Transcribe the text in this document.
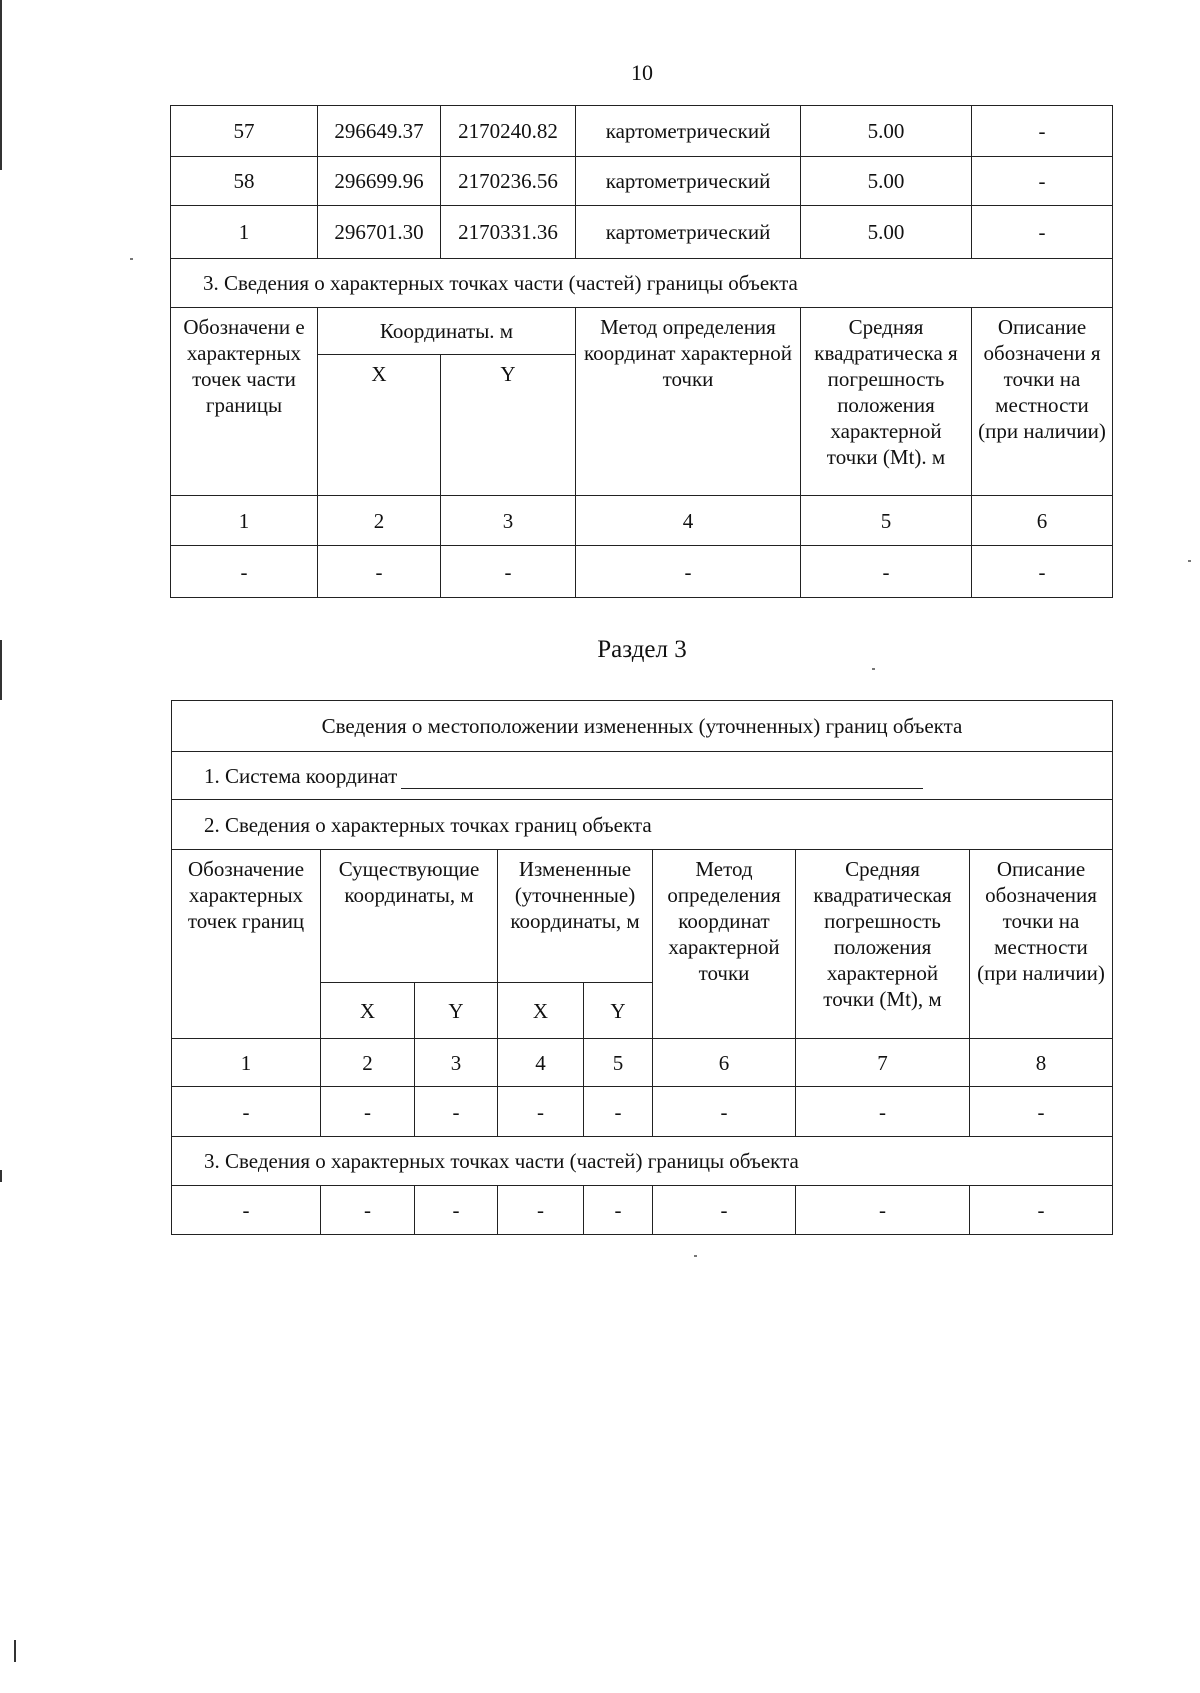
10
57	296649.37	2170240.82	картометрический	5.00	-
58	296699.96	2170236.56	картометрический	5.00	-
1	296701.30	2170331.36	картометрический	5.00	-
3. Сведения о характерных точках части (частей) границы объекта					
Обозначени е характерных точек части границы	Координаты. м		Метод определения координат характерной точки	Средняя квадратическа я погрешность положения характерной точки (Mt). м	Описание обозначени я точки на местности (при наличии)
	X	Y			
1	2	3	4	5	6
-	-	-	-	-	-
Раздел 3
Сведения о местоположении измененных (уточненных) границ объекта							
1. Система координат							
2. Сведения о характерных точках границ объекта							
Обозначение характерных точек границ	Существующие координаты, м		Измененные (уточненные) координаты, м		Метод определения координат характерной точки	Средняя квадратическая погрешность положения характерной точки (Mt), м	Описание обозначения точки на местности (при наличии)
	X	Y	X	Y			
1	2	3	4	5	6	7	8
-	-	-	-	-	-	-	-
3. Сведения о характерных точках части (частей) границы объекта							
-	-	-	-	-	-	-	-
